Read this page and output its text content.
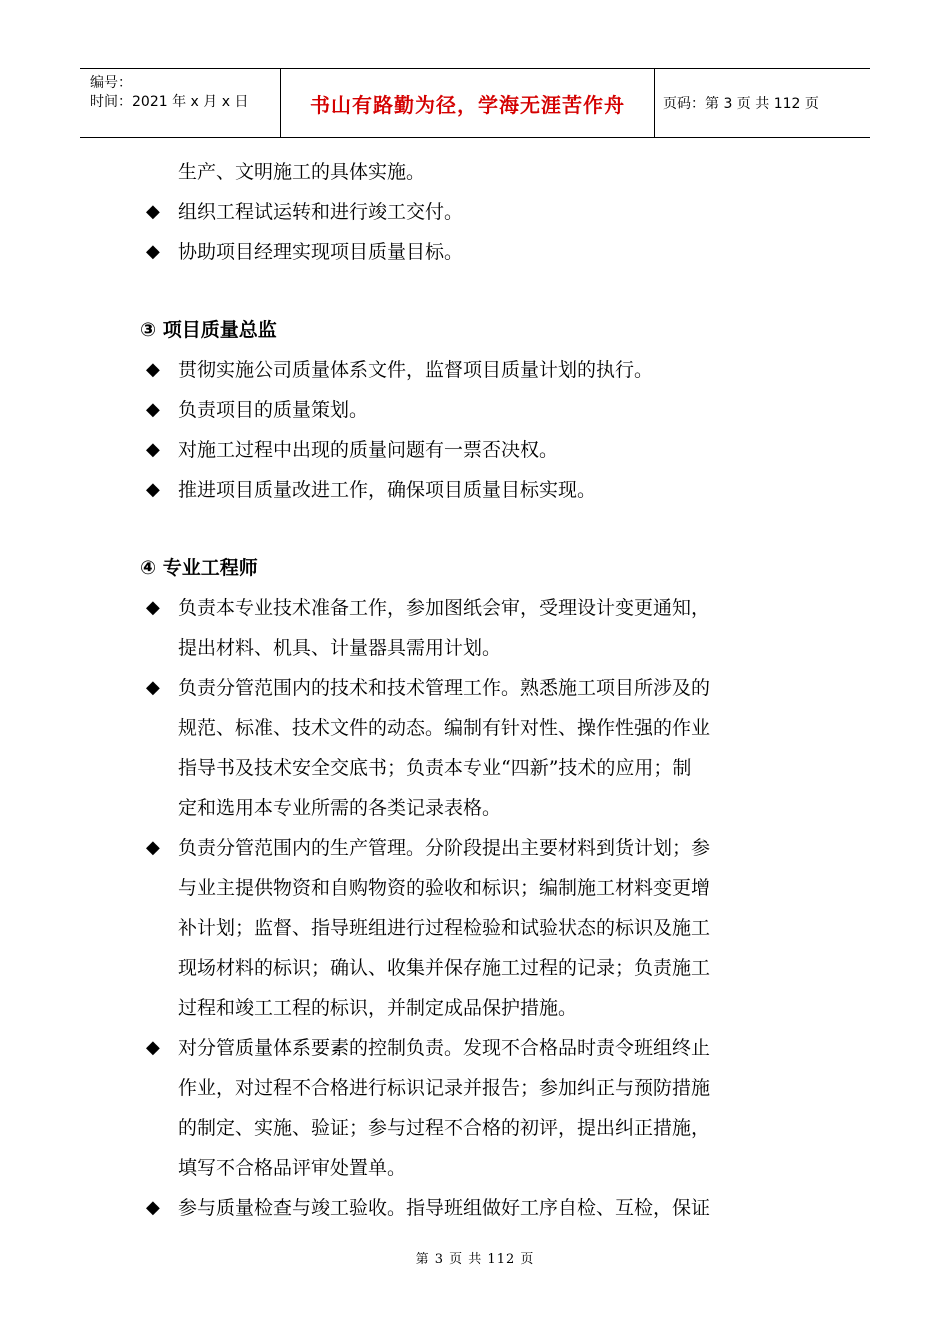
编号：
时间：2021 年 x 月 x 日	书山有路勤为径，学海无涯苦作舟	页码：第 3 页 共 112 页
生产、文明施工的具体实施。
◆ 组织工程试运转和进行竣工交付。
◆ 协助项目经理实现项目质量目标。
③ 项目质量总监
◆ 贯彻实施公司质量体系文件，监督项目质量计划的执行。
◆ 负责项目的质量策划。
◆ 对施工过程中出现的质量问题有一票否决权。
◆ 推进项目质量改进工作，确保项目质量目标实现。
④ 专业工程师
◆ 负责本专业技术准备工作，参加图纸会审，受理设计变更通知，
提出材料、机具、计量器具需用计划。
◆ 负责分管范围内的技术和技术管理工作。熟悉施工项目所涉及的
规范、标准、技术文件的动态。编制有针对性、操作性强的作业
指导书及技术安全交底书；负责本专业“四新”技术的应用；制
定和选用本专业所需的各类记录表格。
◆ 负责分管范围内的生产管理。分阶段提出主要材料到货计划；参
与业主提供物资和自购物资的验收和标识；编制施工材料变更增
补计划；监督、指导班组进行过程检验和试验状态的标识及施工
现场材料的标识；确认、收集并保存施工过程的记录；负责施工
过程和竣工工程的标识，并制定成品保护措施。
◆ 对分管质量体系要素的控制负责。发现不合格品时责令班组终止
作业，对过程不合格进行标识记录并报告；参加纠正与预防措施
的制定、实施、验证；参与过程不合格的初评，提出纠正措施，
填写不合格品评审处置单。
◆ 参与质量检查与竣工验收。指导班组做好工序自检、互检，保证
第 3 页 共 112 页
